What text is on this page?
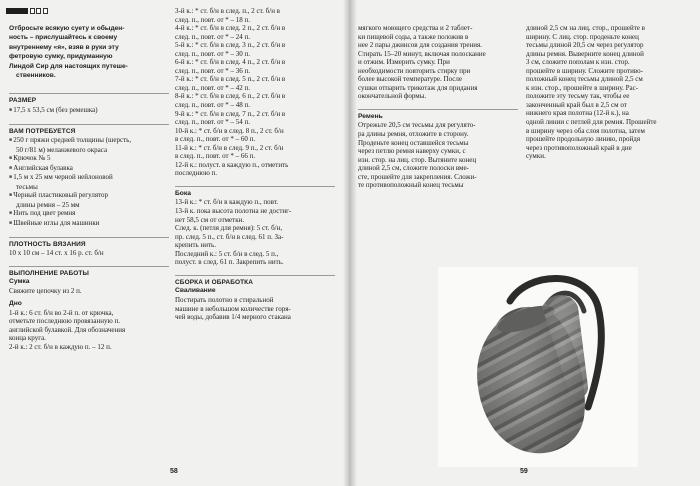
Отбросьте всякую суету и обыден-

ность – прислушайтесь к своему

внутреннему «я», взяв в руки эту

фетровую сумку, придуманную

Линдой Сир для настоящих путеше-

ственников.

РАЗМЕР

■ 17,5 х 53,5 см (без ремешка)

ВАМ ПОТРЕБУЕТСЯ

■ 250 г пряжи средней толщины (шерсть,

50 г/81 м) меланжевого окраса

■ Крючок № 5

■ Английская булавка

■ 1,5 м х 25 мм черной нейлоновой

тесьмы

■ Черный пластиковый регулятор

длины ремня – 25 мм

■ Нить под цвет ремня

■ Швейные иглы для машинки

ПЛОТНОСТЬ ВЯЗАНИЯ

10 х 10 см – 14 ст. х 16 р. ст. б/н

ВЫПОЛНЕНИЕ РАБОТЫ

Сумка

Свяжите цепочку из 2 п.

Дно

1-й к.: 6 ст. б/н во 2-й п. от крючка,

отметьте последнюю провязанную п.

английской булавкой. Для обозначения

конца круга.

2-й к.: 2 ст. б/н в каждую п. – 12 п.

3-й к.: * ст. б/н в след. п., 2 ст. б/н в

след. п., повт. от * – 18 п.

4-й к.: * ст. б/н в след. 2 п., 2 ст. б/н в

след. п., повт. от * – 24 п.

5-й к.: * ст. б/н в след. 3 п., 2 ст. б/н в

след. п., повт. от * – 30 п.

6-й к.: * ст. б/н в след. 4 п., 2 ст. б/н в

след. п., повт. от * – 36 п.

7-й к.: * ст. б/н в след. 5 п., 2 ст. б/н в

след. п., повт. от * – 42 п.

8-й к.: * ст. б/н в след. 6 п., 2 ст. б/н в

след. п., повт. от * – 48 п.

9-й к.: * ст. б/н в след. 7 п., 2 ст. б/н в

след. п., повт. от * – 54 п.

10-й к.: * ст. б/н в след. 8 п., 2 ст. б/н

в след. п., повт. от * – 60 п.

11-й к.: * ст. б/н в след. 9 п., 2 ст. б/н

в след. п., повт. от * – 66 п.

12-й к.: полуст. в каждую п., отметить

последнюю п.

Бока

13-й к.: * ст. б/н в каждую п., повт.

13-й к. пока высота полотна не достиг-

нет 58,5 см от отметки.

След. к. (петля для ремня): 5 ст. б/н,

пр. след. 5 п., ст. б/н в след. 61 п. За-

крепить нить.

Последний к.: 5 ст. б/н в след. 5 п.,

полуст. в след. 61 п. Закрепить нить.

СБОРКА И ОБРАБОТКА

Сваливание

Постирать полотно в стиральной

машине в небольшом количестве горя-

чей воды, добавив 1/4 мерного стакана

58

мягкого моющего средства и 2 таблет-

ки пищевой соды, а также положив в

нее 2 пары джинсов для создания трения.

Стирать 15–20 минут, включая полоскание

и отжим. Измерить сумку. При

необходимости повторить стирку при

более высокой температуре. После

сушки отпарить трикотаж для придания

окончательной формы.

Ремень

Отрежьте 20,5 см тесьмы для регулято-

ра длины ремня, отложите в сторону.

Проденьте конец оставшейся тесьмы

через петлю ремня наверху сумки, с

изн. стор. на лиц. стор. Вытяните конец

длиной 2,5 см, сложите полоски вме-

сте, прошейте для закрепления. Сложи-

те противоположный конец тесьмы

длиной 2,5 см на лиц. стор., прошейте в

ширину. С лиц. стор. проденьте конец

тесьмы длиной 20,5 см через регулятор

длины ремня. Выверните конец длиной

3 см, сложите пополам к изн. стор.

прошейте в ширину. Сложите противо-

положный конец тесьмы длиной 2,5 см

к изн. стор., прошейте в ширину. Рас-

положите эту тесьму так, чтобы ее

законченный край был в 2,5 см от

нижнего края полотна (12-й к.), на

одной линии с петлей для ремня. Прошейте

в ширину через оба слоя полотна, затем

прошейте продольную линию, пройдя

через противоположный край в дне

сумки.

59
